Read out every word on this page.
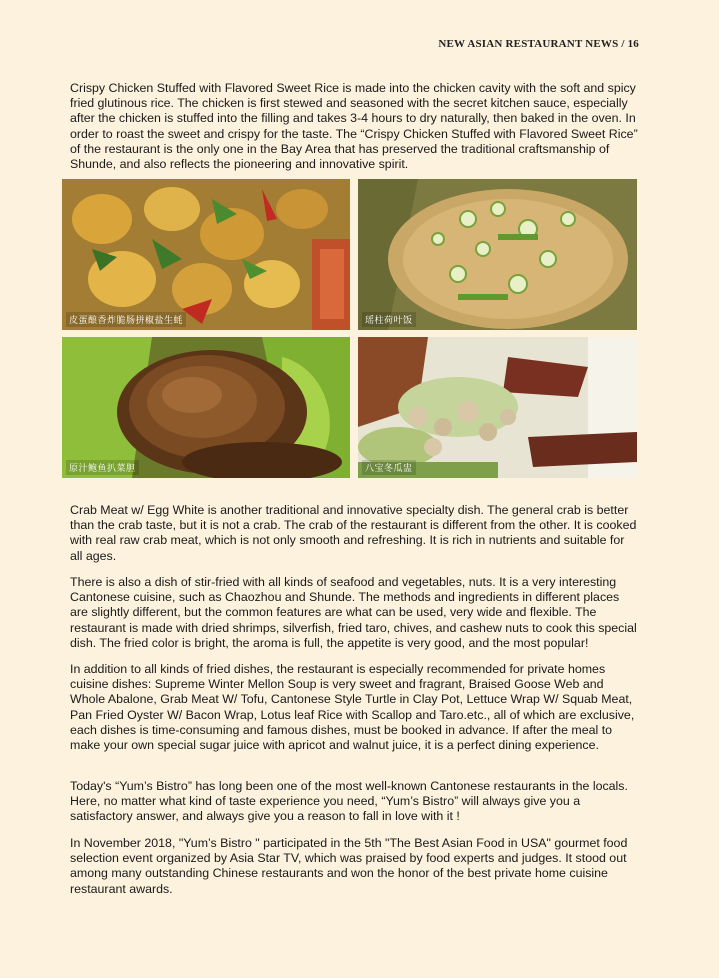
NEW ASIAN RESTAURANT NEWS / 16

Crispy Chicken Stuffed with Flavored Sweet Rice is made into the chicken cavity with the soft and spicy fried glutinous rice. The chicken is first stewed and seasoned with the secret kitchen sauce, especially after the chicken is stuffed into the filling and takes 3-4 hours to dry naturally, then baked in the oven. In order to roast the sweet and crispy for the taste. The “Crispy Chicken Stuffed with Flavored Sweet Rice” of the restaurant is the only one in the Bay Area that has preserved the traditional craftsmanship of Shunde, and also reflects the pioneering and innovative spirit.

皮蛋酿香炸脆肠拼椒盐生蚝	瑶柱荷叶饭
原汁鲍鱼扒菜胆	八宝冬瓜盅

Crab Meat w/ Egg White is another traditional and innovative specialty dish. The general crab is better than the crab taste, but it is not a crab. The crab of the restaurant is different from the other. It is cooked with real raw crab meat, which is not only smooth and refreshing. It is rich in nutrients and suitable for all ages.

There is also a dish of stir-fried with all kinds of seafood and vegetables, nuts. It is a very interesting Cantonese cuisine, such as Chaozhou and Shunde. The methods and ingredients in different places are slightly different, but the common features are what can be used, very wide and flexible. The restaurant is made with dried shrimps, silverfish, fried taro, chives, and cashew nuts to cook this special dish. The fried color is bright, the aroma is full, the appetite is very good, and the most popular!

In addition to all kinds of fried dishes, the restaurant is especially recommended for private homes cuisine dishes: Supreme Winter Mellon Soup is very sweet and fragrant, Braised Goose Web and Whole Abalone, Grab Meat W/ Tofu, Cantonese Style Turtle in Clay Pot, Lettuce Wrap W/ Squab Meat, Pan Fried Oyster W/ Bacon Wrap, Lotus leaf Rice with Scallop and Taro.etc., all of which are exclusive, each dishes is time-consuming and famous dishes, must be booked in advance. If after the meal to make your own special sugar juice with apricot and walnut juice, it is a perfect dining experience.

Today's “Yum’s Bistro” has long been one of the most well-known Cantonese restaurants in the locals. Here, no matter what kind of taste experience you need, “Yum’s Bistro” will always give you a satisfactory answer, and always give you a reason to fall in love with it !

In November 2018, "Yum’s Bistro " participated in the 5th "The Best Asian Food in USA" gourmet food selection event organized by Asia Star TV, which was praised by food experts and judges. It stood out among many outstanding Chinese restaurants and won the honor of the best private home cuisine restaurant awards.
